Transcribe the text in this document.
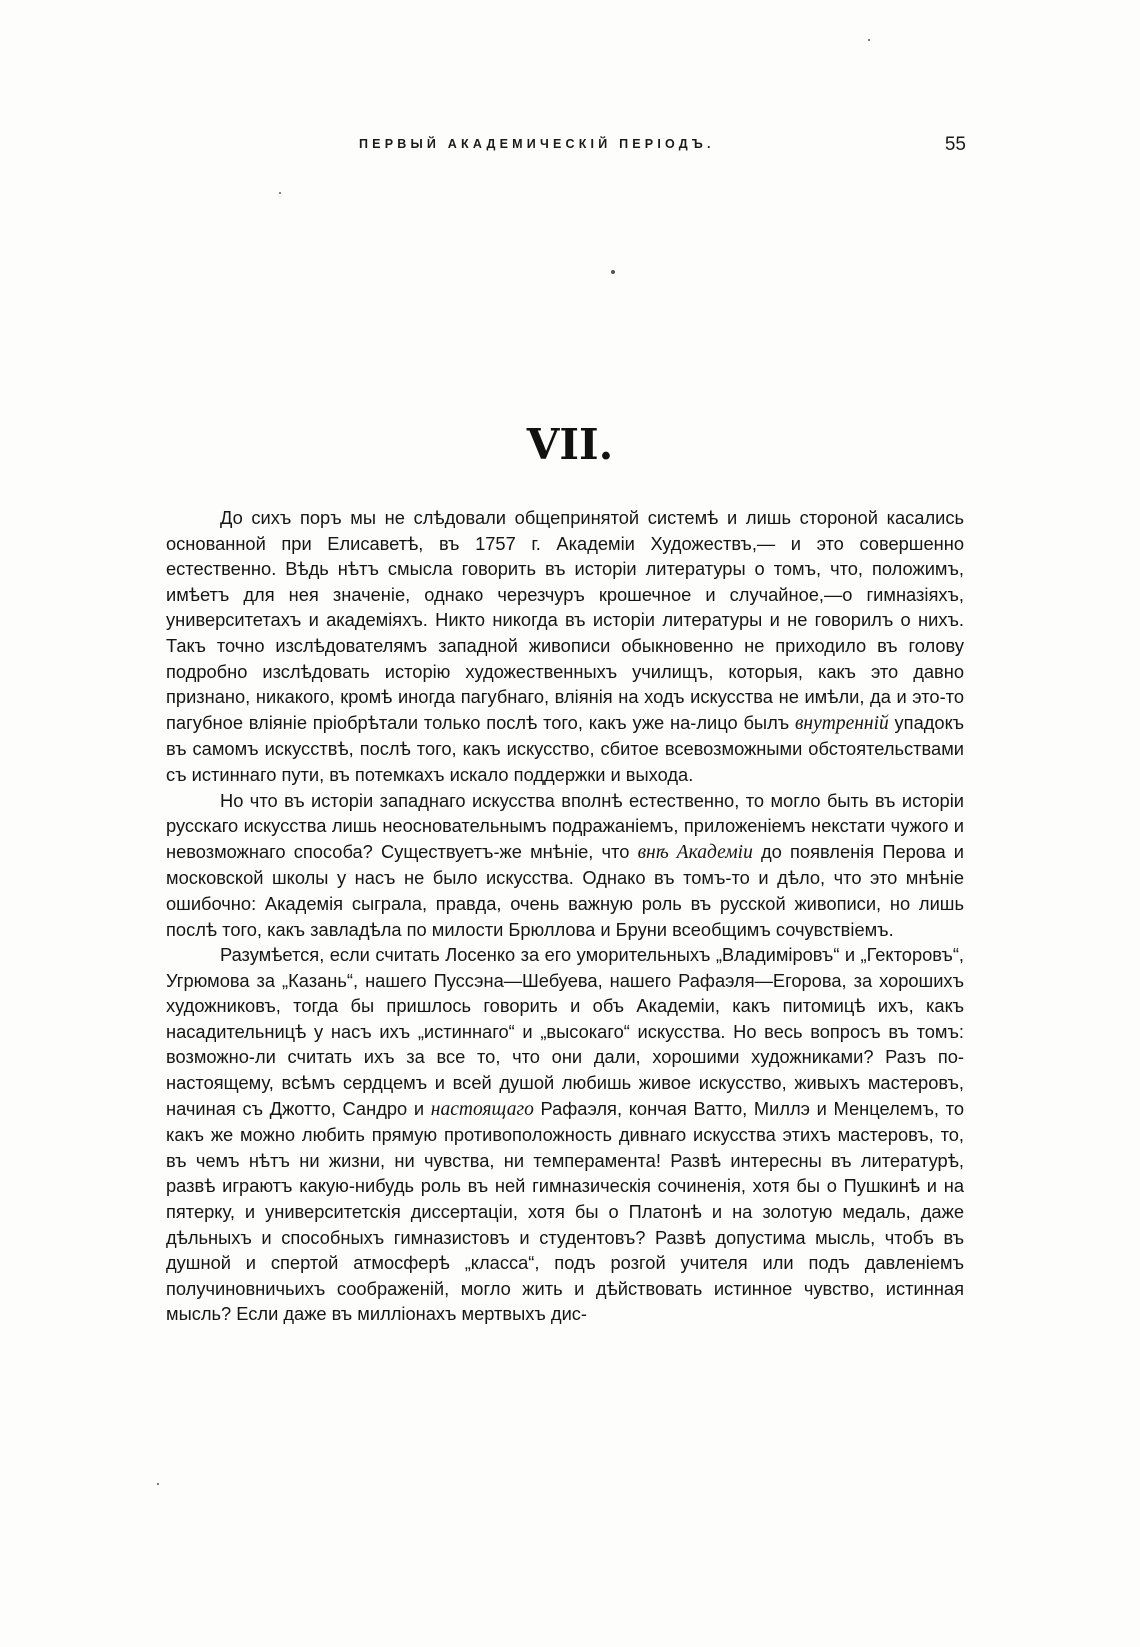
ПЕРВЫЙ АКАДЕМИЧЕСКІЙ ПЕРІОДЪ.	55
VII.

До сихъ поръ мы не слѣдовали общепринятой системѣ и лишь стороной касались основанной при Елисаветѣ, въ 1757 г. Академіи Художествъ,— и это совершенно естественно. Вѣдь нѣтъ смысла говорить въ исторіи литературы о томъ, что, положимъ, имѣетъ для нея значеніе, однако черезчуръ крошечное и случайное,—о гимназіяхъ, университетахъ и академіяхъ. Никто никогда въ исторіи литературы и не говорилъ о нихъ. Такъ точно изслѣдователямъ западной живописи обыкновенно не приходило въ голову подробно изслѣдовать исторію художественныхъ училищъ, которыя, какъ это давно признано, никакого, кромѣ иногда пагубнаго, вліянія на ходъ искусства не имѣли, да и это-то пагубное вліяніе пріобрѣтали только послѣ того, какъ уже на-лицо былъ внутренній упадокъ въ самомъ искусствѣ, послѣ того, какъ искусство, сбитое всевозможными обстоятельствами съ истиннаго пути, въ потемкахъ искало поддержки и выхода.

Но что въ исторіи западнаго искусства вполнѣ естественно, то могло быть въ исторіи русскаго искусства лишь неосновательнымъ подражаніемъ, приложеніемъ некстати чужого и невозможнаго способа? Существуетъ-же мнѣніе, что внѣ Академіи до появленія Перова и московской школы у насъ не было искусства. Однако въ томъ-то и дѣло, что это мнѣніе ошибочно: Академія сыграла, правда, очень важную роль въ русской живописи, но лишь послѣ того, какъ завладѣла по милости Брюллова и Бруни всеобщимъ сочувствіемъ.

Разумѣется, если считать Лосенко за его уморительныхъ „Владиміровъ“ и „Гекторовъ“, Угрюмова за „Казань“, нашего Пуссэна—Шебуева, нашего Рафаэля—Егорова, за хорошихъ художниковъ, тогда бы пришлось говорить и объ Академіи, какъ питомицѣ ихъ, какъ насадительницѣ у насъ ихъ „истиннаго“ и „высокаго“ искусства. Но весь вопросъ въ томъ: возможно-ли считать ихъ за все то, что они дали, хорошими художниками? Разъ по-настоящему, всѣмъ сердцемъ и всей душой любишь живое искусство, живыхъ мастеровъ, начиная съ Джотто, Сандро и настоящаго Рафаэля, кончая Ватто, Миллэ и Менцелемъ, то какъ же можно любить прямую противоположность дивнаго искусства этихъ мастеровъ, то, въ чемъ нѣтъ ни жизни, ни чувства, ни темперамента! Развѣ интересны въ литературѣ, развѣ играютъ какую-нибудь роль въ ней гимназическія сочиненія, хотя бы о Пушкинѣ и на пятерку, и университетскія диссертаціи, хотя бы о Платонѣ и на золотую медаль, даже дѣльныхъ и способныхъ гимназистовъ и студентовъ? Развѣ допустима мысль, чтобъ въ душной и спертой атмосферѣ „класса“, подъ розгой учителя или подъ давленіемъ получиновничьихъ соображеній, могло жить и дѣйствовать истинное чувство, истинная мысль? Если даже въ милліонахъ мертвыхъ дис-
